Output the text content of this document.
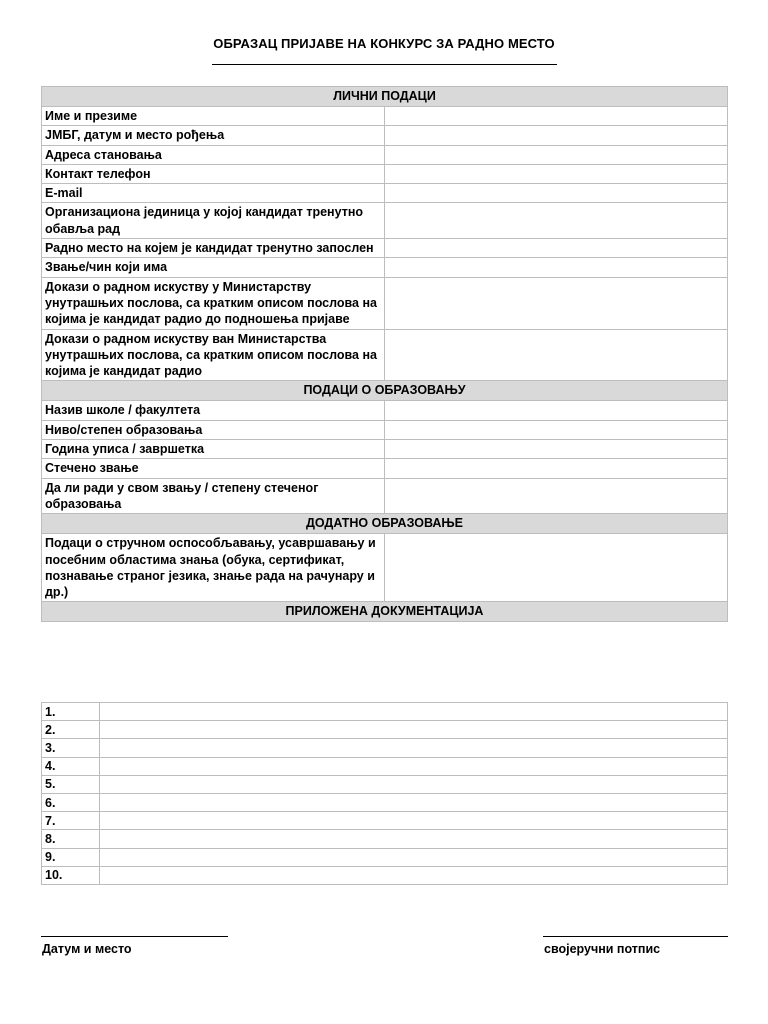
ОБРАЗАЦ ПРИЈАВЕ НА КОНКУРС ЗА РАДНО МЕСТО
ЛИЧНИ ПОДАЦИ	
Име и презиме	
ЈМБГ, датум и место рођења	
Адреса становања	
Контакт телефон	
E-mail	
Организациона јединица у којој кандидат тренутно обавља рад	
Радно место на којем је кандидат тренутно запослен	
Звање/чин који има	
Докази о радном искуству у Министарству унутрашњих послова, са кратким описом послова на којима је кандидат радио до подношења пријаве	
Докази о радном искуству ван Министарства унутрашњих послова, са кратким описом послова на којима је кандидат радио	
ПОДАЦИ О ОБРАЗОВАЊУ	
Назив школе / факултета	
Ниво/степен образовања	
Година уписа / завршетка	
Стечено звање	
Да ли ради у свом звању / степену стеченог образовања	
ДОДАТНО ОБРАЗОВАЊЕ	
Подаци о стручном оспособљавању, усавршавању и посебним областима знања (обука, сертификат, познавање страног језика, знање рада на рачунару и др.)	
ПРИЛОЖЕНА ДОКУМЕНТАЦИЈА	
1.	
2.	
3.	
4.	
5.	
6.	
7.	
8.	
9.	
10.	
Датум и место	својеручни потпис
